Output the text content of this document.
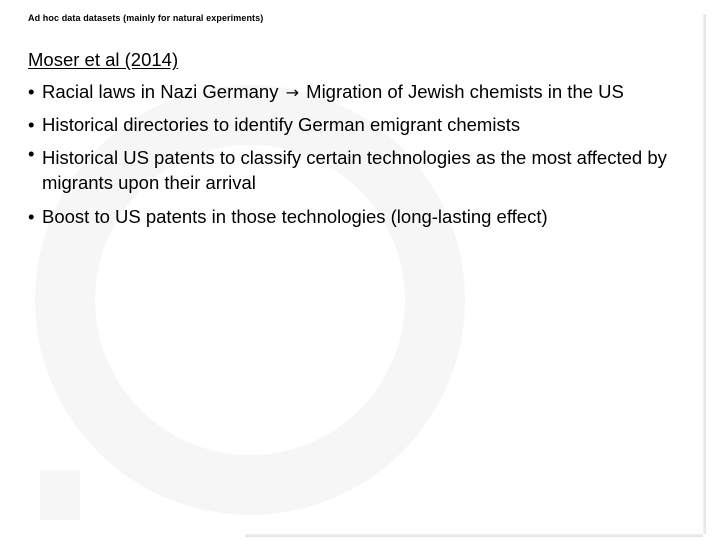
Ad hoc data datasets (mainly for natural experiments)
Moser et al (2014)
• Racial laws in Nazi Germany → Migration of Jewish chemists in the US
• Historical directories to identify German emigrant chemists
• Historical US patents to classify certain technologies as the most affected by migrants upon their arrival
• Boost to US patents in those technologies (long-lasting effect)
